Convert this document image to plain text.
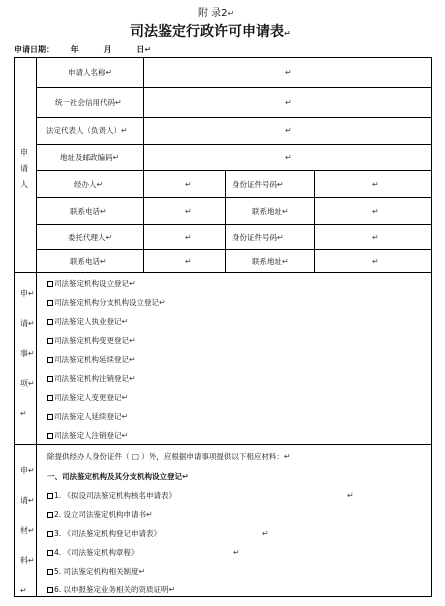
附 录2↵
司法鉴定行政许可申请表↵
申请日期： 年	月	日↵
申
请
人
申请人名称↵	↵
统一社会信用代码↵	↵
法定代表人（负责人）↵	↵
地址及邮政编码↵	↵
经办人↵	↵	身份证件号码↵	↵
联系电话↵	↵	联系地址↵	↵
委托代理人↵	↵	身份证件号码↵	↵
联系电话↵	↵	联系地址↵	↵
申↵
请↵
事↵
项↵
↵
司法鉴定机构设立登记↵
司法鉴定机构分支机构设立登记↵
司法鉴定人执业登记↵
司法鉴定机构变更登记↵
司法鉴定机构延续登记↵
司法鉴定机构注销登记↵
司法鉴定人变更登记↵
司法鉴定人延续登记↵
司法鉴定人注销登记↵
申↵
请↵
材↵
料↵
↵
除提供经办人身份证件（ □ ）外，应根据申请事项提供以下相应材料：↵
一、司法鉴定机构及其分支机构设立登记↵
1. 《拟设司法鉴定机构核名申请表》	↵
2. 设立司法鉴定机构申请书↵
3. 《司法鉴定机构登记申请表》	↵
4. 《司法鉴定机构章程》	↵
5. 司法鉴定机构相关制度↵
6. 以申报鉴定业务相关的资质证明↵
